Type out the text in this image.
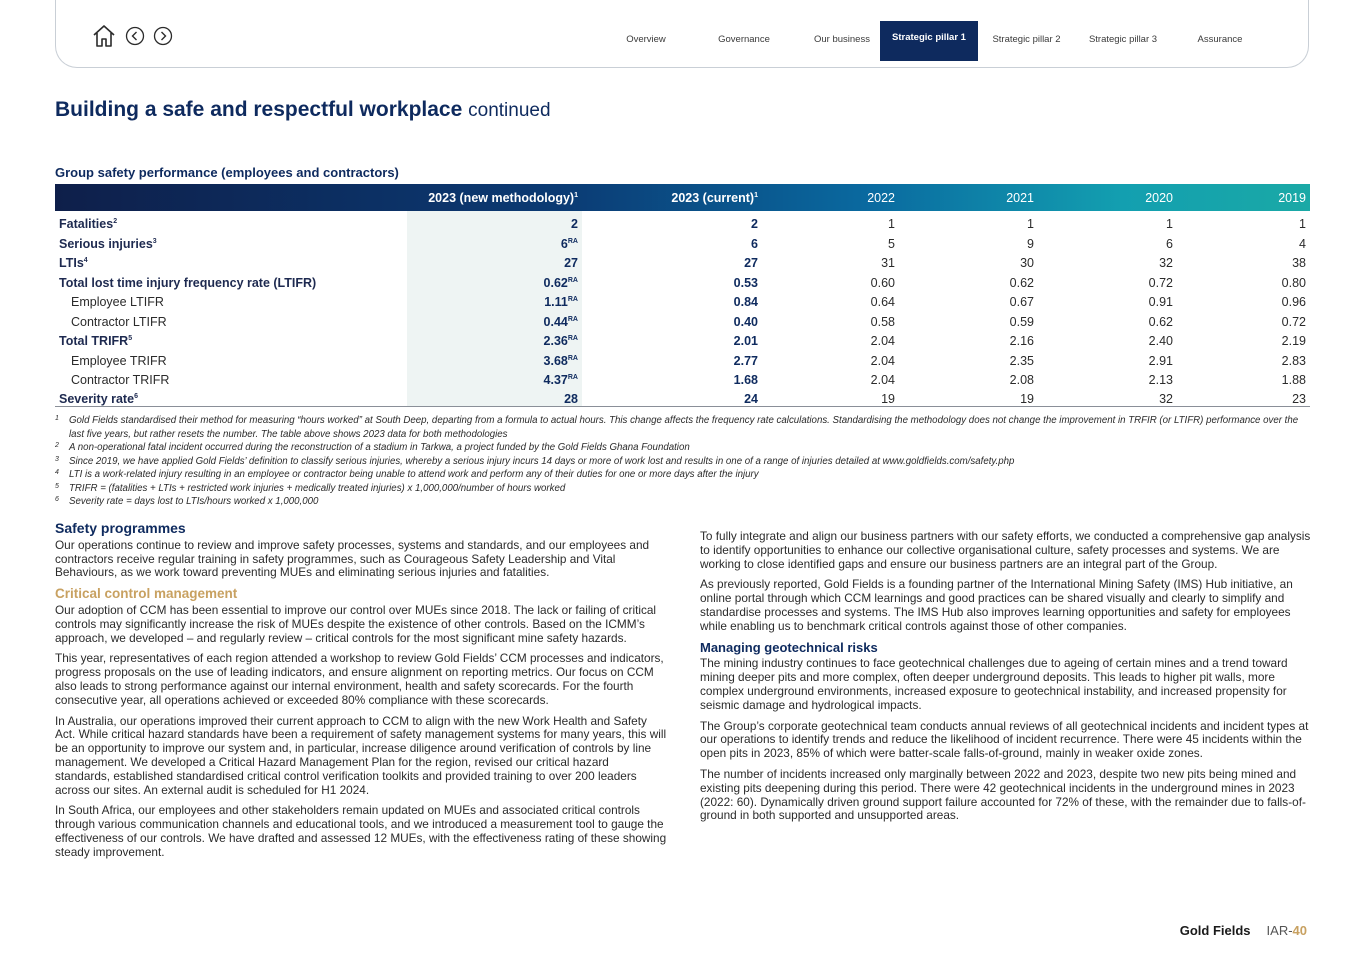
Overview	Governance	Our business	Strategic pillar 1	Strategic pillar 2	Strategic pillar 3	Assurance
Building a safe and respectful workplace continued
Group safety performance (employees and contractors)
	2023 (new methodology)$^1$	2023 (current)$^1$	2022	2021	2020	2019
Fatalities$^2$	2	2	1	1	1	1
Serious injuries$^3$	$6^{RA}$	6	5	9	6	4
LTIs$^4$	27	27	31	30	32	38
Total lost time injury frequency rate (LTIFR)	$0.62^{RA}$	0.53	0.60	0.62	0.72	0.80
Employee LTIFR	$1.11^{RA}$	0.84	0.64	0.67	0.91	0.96
Contractor LTIFR	$0.44^{RA}$	0.40	0.58	0.59	0.62	0.72
Total TRIFR$^5$	$2.36^{RA}$	2.01	2.04	2.16	2.40	2.19
Employee TRIFR	$3.68^{RA}$	2.77	2.04	2.35	2.91	2.83
Contractor TRIFR	$4.37^{RA}$	1.68	2.04	2.08	2.13	1.88
Severity rate$^6$	28	24	19	19	32	23
1	Gold Fields standardised their method for measuring “hours worked” at South Deep, departing from a formula to actual hours. This change affects the frequency rate calculations. Standardising the methodology does not change the improvement in TRFIR (or LTIFR) performance over the last five years, but rather resets the number. The table above shows 2023 data for both methodologies
2	A non-operational fatal incident occurred during the reconstruction of a stadium in Tarkwa, a project funded by the Gold Fields Ghana Foundation
3	Since 2019, we have applied Gold Fields’ definition to classify serious injuries, whereby a serious injury incurs 14 days or more of work lost and results in one of a range of injuries detailed at www.goldfields.com/safety.php
4	LTI is a work-related injury resulting in an employee or contractor being unable to attend work and perform any of their duties for one or more days after the injury
5	TRIFR = (fatalities + LTIs + restricted work injuries + medically treated injuries) x 1,000,000/number of hours worked
6	Severity rate = days lost to LTIs/hours worked x 1,000,000
Safety programmes

Our operations continue to review and improve safety processes, systems and standards, and our employees and contractors receive regular training in safety programmes, such as Courageous Safety Leadership and Vital Behaviours, as we work toward preventing MUEs and eliminating serious injuries and fatalities.

Critical control management

Our adoption of CCM has been essential to improve our control over MUEs since 2018. The lack or failing of critical controls may significantly increase the risk of MUEs despite the existence of other controls. Based on the ICMM’s approach, we developed – and regularly review – critical controls for the most significant mine safety hazards.

This year, representatives of each region attended a workshop to review Gold Fields’ CCM processes and indicators, progress proposals on the use of leading indicators, and ensure alignment on reporting metrics. Our focus on CCM also leads to strong performance against our internal environment, health and safety scorecards. For the fourth consecutive year, all operations achieved or exceeded 80% compliance with these scorecards.

In Australia, our operations improved their current approach to CCM to align with the new Work Health and Safety Act. While critical hazard standards have been a requirement of safety management systems for many years, this will be an opportunity to improve our system and, in particular, increase diligence around verification of controls by line management. We developed a Critical Hazard Management Plan for the region, revised our critical hazard standards, established standardised critical control verification toolkits and provided training to over 200 leaders across our sites. An external audit is scheduled for H1 2024.

In South Africa, our employees and other stakeholders remain updated on MUEs and associated critical controls through various communication channels and educational tools, and we introduced a measurement tool to gauge the effectiveness of our controls. We have drafted and assessed 12 MUEs, with the effectiveness rating of these showing steady improvement.

To fully integrate and align our business partners with our safety efforts, we conducted a comprehensive gap analysis to identify opportunities to enhance our collective organisational culture, safety processes and systems. We are working to close identified gaps and ensure our business partners are an integral part of the Group.

As previously reported, Gold Fields is a founding partner of the International Mining Safety (IMS) Hub initiative, an online portal through which CCM learnings and good practices can be shared visually and clearly to simplify and standardise processes and systems. The IMS Hub also improves learning opportunities and safety for employees while enabling us to benchmark critical controls against those of other companies.

Managing geotechnical risks

The mining industry continues to face geotechnical challenges due to ageing of certain mines and a trend toward mining deeper pits and more complex, often deeper underground deposits. This leads to higher pit walls, more complex underground environments, increased exposure to geotechnical instability, and increased propensity for seismic damage and hydrological impacts.

The Group’s corporate geotechnical team conducts annual reviews of all geotechnical incidents and incident types at our operations to identify trends and reduce the likelihood of incident recurrence. There were 45 incidents within the open pits in 2023, 85% of which were batter-scale falls-of-ground, mainly in weaker oxide zones.

The number of incidents increased only marginally between 2022 and 2023, despite two new pits being mined and existing pits deepening during this period. There were 42 geotechnical incidents in the underground mines in 2023 (2022: 60). Dynamically driven ground support failure accounted for 72% of these, with the remainder due to falls-of-ground in both supported and unsupported areas.

Gold Fields IAR-40
